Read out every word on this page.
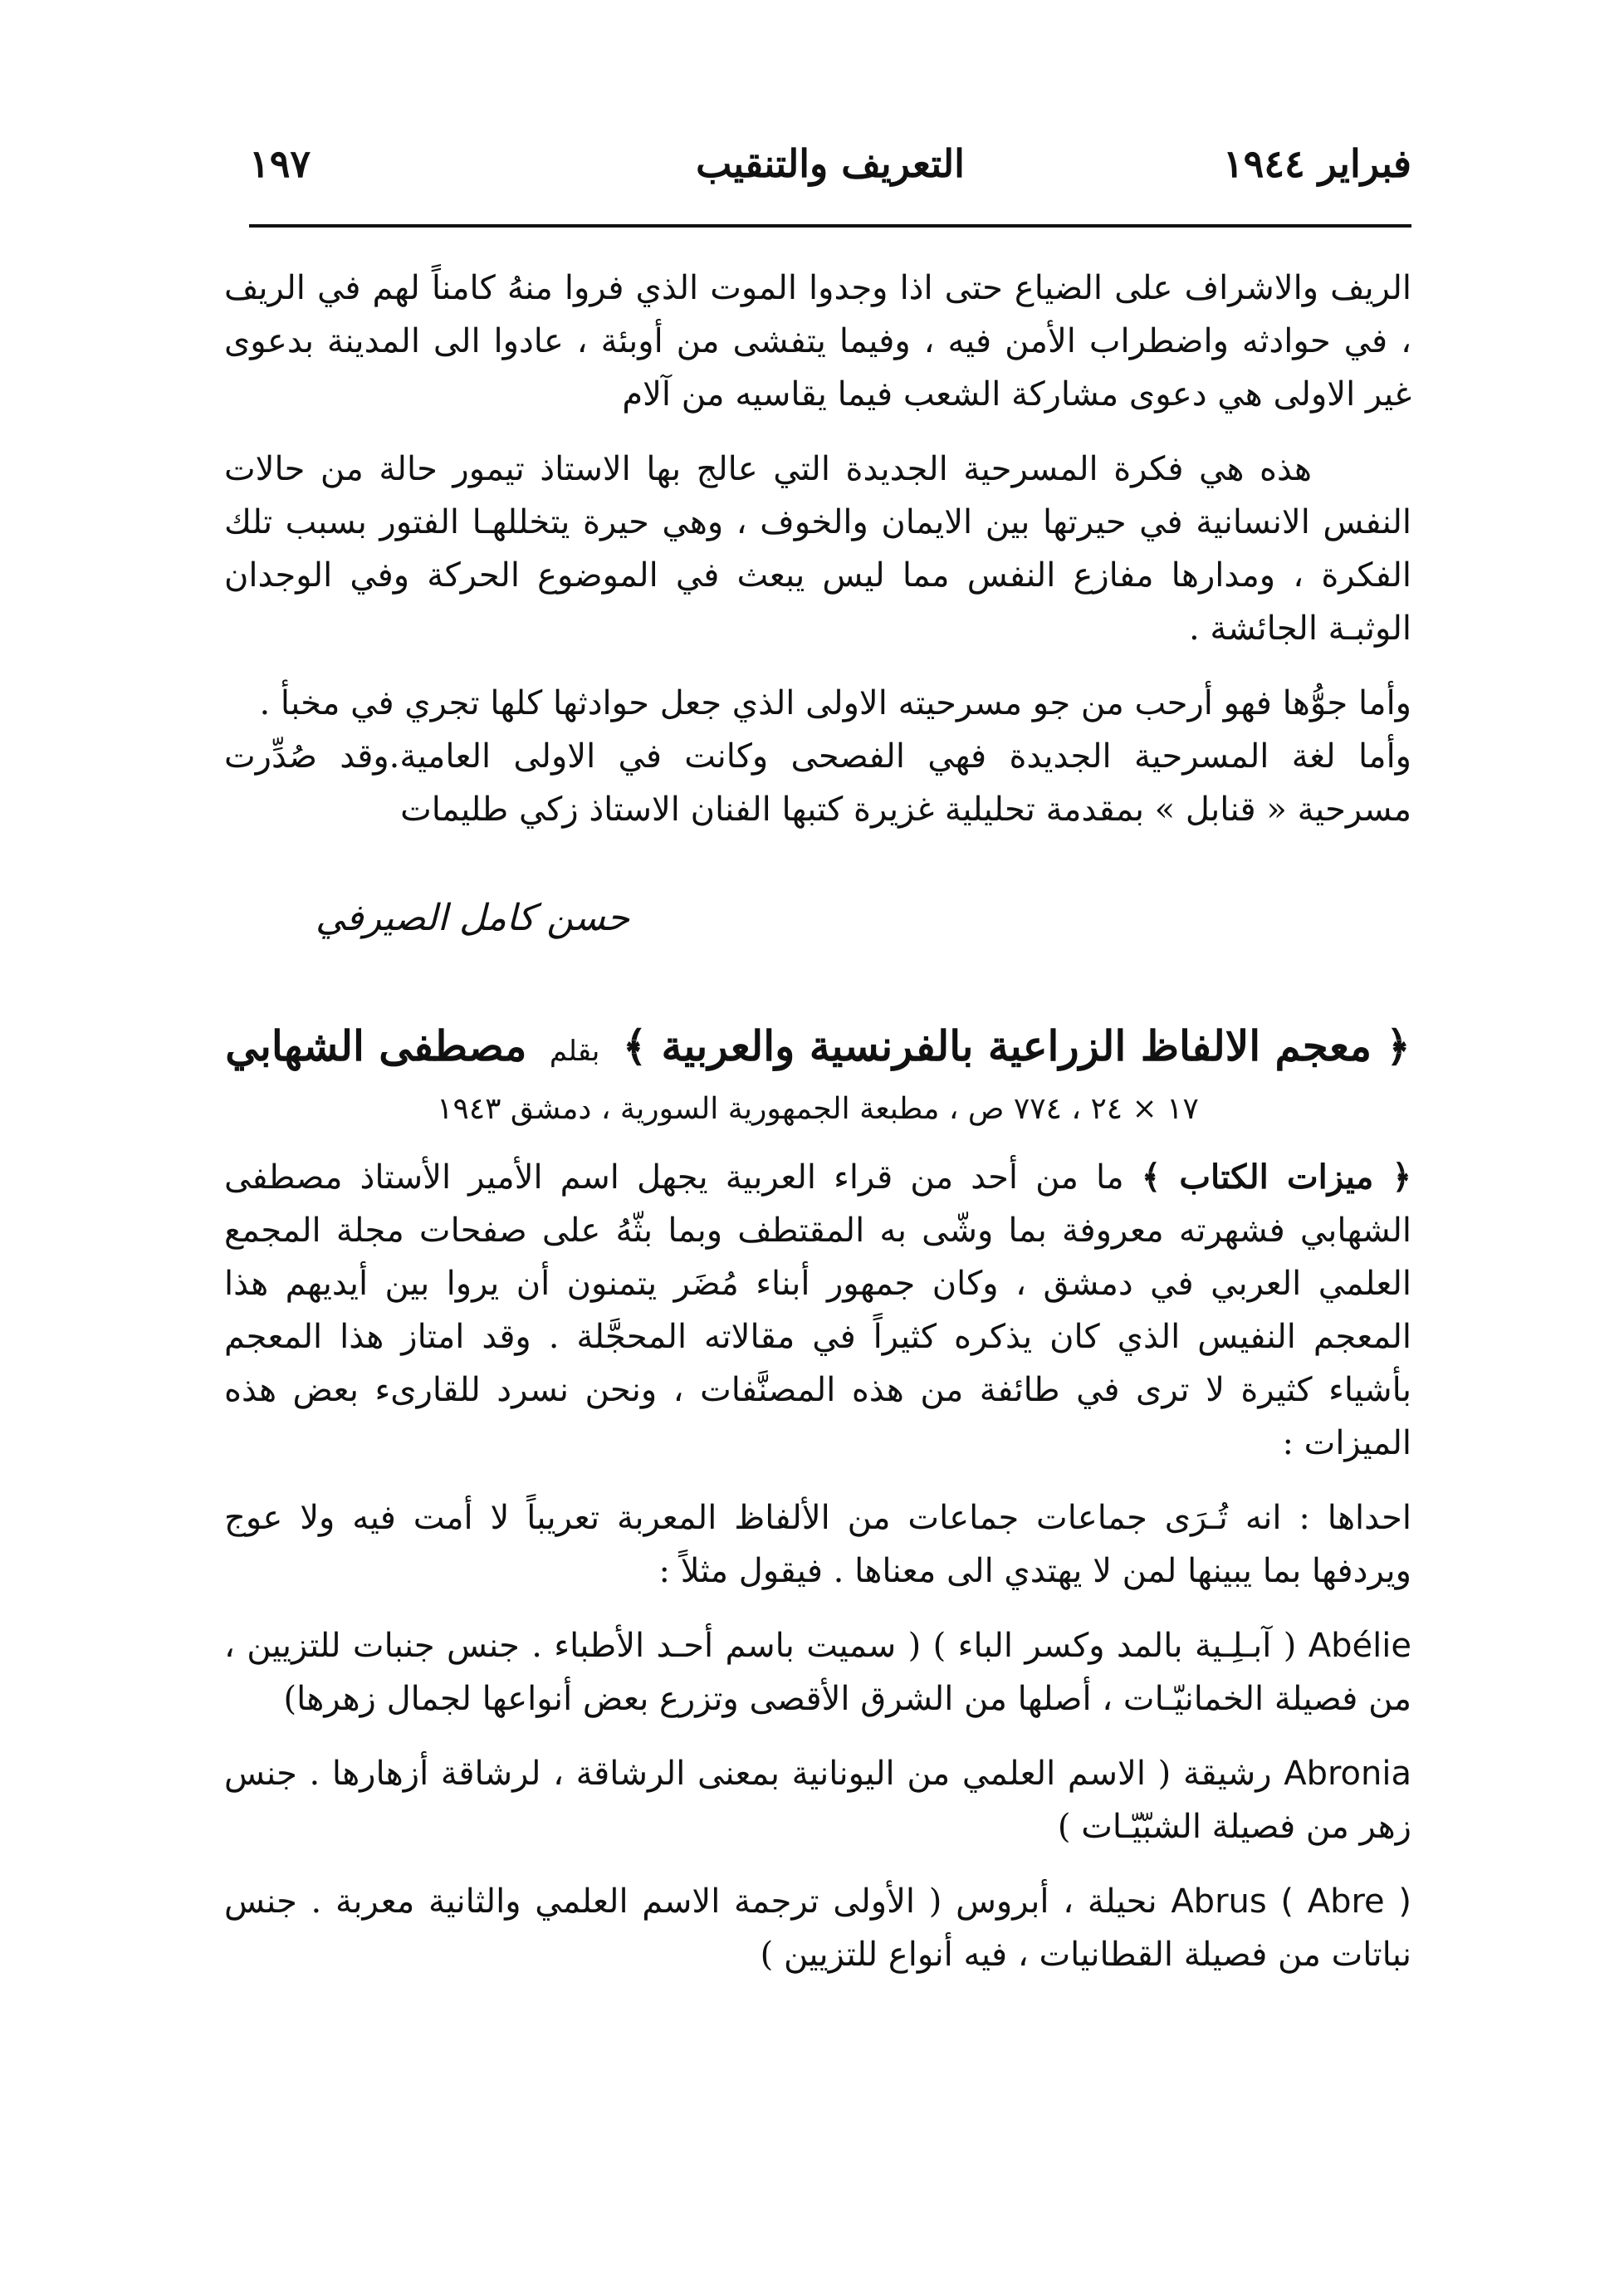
فبراير ١٩٤٤
التعريف والتنقيب
١٩٧

الريف والاشراف على الضياع حتى اذا وجدوا الموت الذي فروا منهُ كامناً لهم في الريف ، في حوادثه واضطراب الأمن فيه ، وفيما يتفشى من أوبئة ، عادوا الى المدينة بدعوى غير الاولى هي دعوى مشاركة الشعب فيما يقاسيه من آلام

هذه هي فكرة المسرحية الجديدة التي عالج بها الاستاذ تيمور حالة من حالات النفس الانسانية في حيرتها بين الايمان والخوف ، وهي حيرة يتخللهـا الفتور بسبب تلك الفكرة ، ومدارها مفازع النفس مما ليس يبعث في الموضوع الحركة وفي الوجدان الوثبـة الجائشة .

وأما جوُّها فهو أرحب من جو مسرحيته الاولى الذي جعل حوادثها كلها تجري في مخبأ .

وأما لغة المسرحية الجديدة فهي الفصحى وكانت في الاولى العامية.وقد صُدِّرت مسرحية « قنابل » بمقدمة تحليلية غزيرة كتبها الفنان الاستاذ زكي طليمات

حسن كامل الصيرفي
﴿ معجم الالفاظ الزراعية بالفرنسية والعربية ﴾ بقلم مصطفى الشهابي
١٧ × ٢٤ ، ٧٧٤ ص ، مطبعة الجمهورية السورية ، دمشق ١٩٤٣

﴿ ميزات الكتاب ﴾ ما من أحد من قراء العربية يجهل اسم الأمير الأستاذ مصطفى الشهابي فشهرته معروفة بما وشّى به المقتطف وبما بثّهُ على صفحات مجلة المجمع العلمي العربي في دمشق ، وكان جمهور أبناء مُضَر يتمنون أن يروا بين أيديهم هذا المعجم النفيس الذي كان يذكره كثيراً في مقالاته المحجَّلة . وقد امتاز هذا المعجم بأشياء كثيرة لا ترى في طائفة من هذه المصنَّفات ، ونحن نسرد للقارىء بعض هذه الميزات :

احداها : انه تُـرَى جماعات جماعات من الألفاظ المعربة تعريباً لا أمت فيه ولا عوج ويردفها بما يبينها لمن لا يهتدي الى معناها . فيقول مثلاً :

Abélie ( آبـلِـية بالمد وكسر الباء ) ( سميت باسم أحـد الأطباء . جنس جنبات للتزيين ، من فصيلة الخمانيّـات ، أصلها من الشرق الأقصى وتزرع بعض أنواعها لجمال زهرها)

Abronia رشيقة ( الاسم العلمي من اليونانية بمعنى الرشاقة ، لرشاقة أزهارها . جنس زهر من فصيلة الشبّيّـات )

Abrus ( Abre ) نحيلة ، أبروس ( الأولى ترجمة الاسم العلمي والثانية معربة . جنس نباتات من فصيلة القطانيات ، فيه أنواع للتزيين )
